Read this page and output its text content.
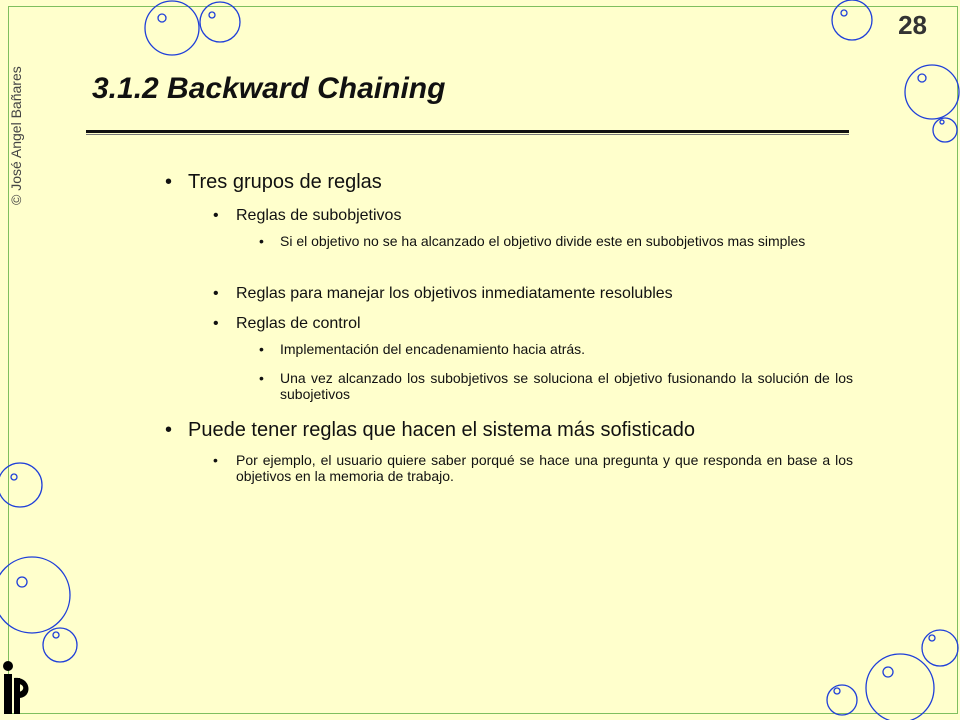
© José Angel Bañares
28
3.1.2 Backward Chaining
• Tres grupos de reglas
• Reglas de subobjetivos
• Si el objetivo no se ha alcanzado el objetivo divide este en subobjetivos mas simples
• Reglas para manejar los objetivos inmediatamente resolubles
• Reglas de control
• Implementación del encadenamiento hacia atrás.
• Una vez alcanzado los subobjetivos se soluciona el objetivo fusionando la solución de los subojetivos
• Puede tener reglas que hacen el sistema más sofisticado
• Por ejemplo, el usuario quiere saber porqué se hace una pregunta y que responda en base a los objetivos en la memoria de trabajo.
